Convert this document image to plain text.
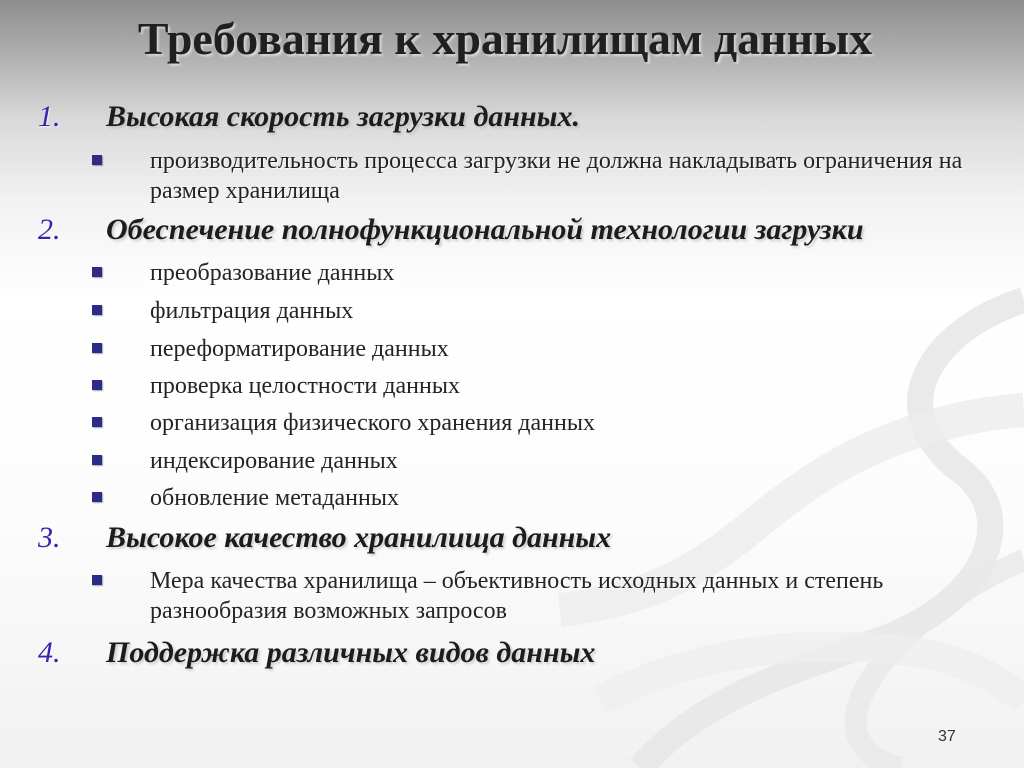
Требования к хранилищам данных
1. Высокая скорость загрузки данных.
производительность процесса загрузки не должна накладывать ограничения на размер хранилища
2. Обеспечение полнофункциональной технологии загрузки
преобразование данных
фильтрация данных
переформатирование данных
проверка целостности данных
организация физического хранения данных
индексирование данных
обновление метаданных
3. Высокое качество хранилища данных
Мера качества хранилища – объективность исходных данных и степень разнообразия возможных запросов
4. Поддержка различных видов данных
37
